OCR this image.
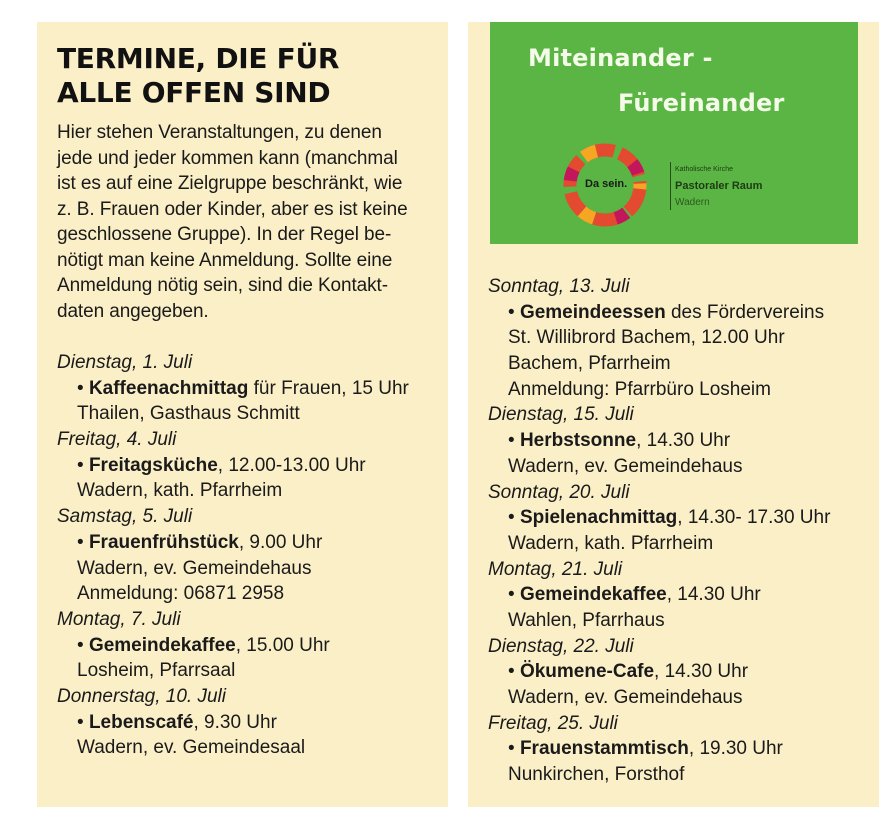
TERMINE, DIE FÜR
ALLE OFFEN SIND
Hier stehen Veranstaltungen, zu denen
jede und jeder kommen kann (manchmal
ist es auf eine Zielgruppe beschränkt, wie
z. B. Frauen oder Kinder, aber es ist keine
geschlossene Gruppe). In der Regel be-
nötigt man keine Anmeldung. Sollte eine
Anmeldung nötig sein, sind die Kontakt-
daten angegeben.
Dienstag, 1. Juli
• Kaffeenachmittag für Frauen, 15 Uhr
Thailen, Gasthaus Schmitt
Freitag, 4. Juli
• Freitagsküche, 12.00-13.00 Uhr
Wadern, kath. Pfarrheim
Samstag, 5. Juli
• Frauenfrühstück, 9.00 Uhr
Wadern, ev. Gemeindehaus
Anmeldung: 06871 2958
Montag, 7. Juli
• Gemeindekaffee, 15.00 Uhr
Losheim, Pfarrsaal
Donnerstag, 10. Juli
• Lebenscafé, 9.30 Uhr
Wadern, ev. Gemeindesaal
Miteinander -
Füreinander
Da sein.
Katholische Kirche
Pastoraler Raum
Wadern
Sonntag, 13. Juli
• Gemeindeessen des Fördervereins
St. Willibrord Bachem, 12.00 Uhr
Bachem, Pfarrheim
Anmeldung: Pfarrbüro Losheim
Dienstag, 15. Juli
• Herbstsonne, 14.30 Uhr
Wadern, ev. Gemeindehaus
Sonntag, 20. Juli
• Spielenachmittag, 14.30- 17.30 Uhr
Wadern, kath. Pfarrheim
Montag, 21. Juli
• Gemeindekaffee, 14.30 Uhr
Wahlen, Pfarrhaus
Dienstag, 22. Juli
• Ökumene-Cafe, 14.30 Uhr
Wadern, ev. Gemeindehaus
Freitag, 25. Juli
• Frauenstammtisch, 19.30 Uhr
Nunkirchen, Forsthof
